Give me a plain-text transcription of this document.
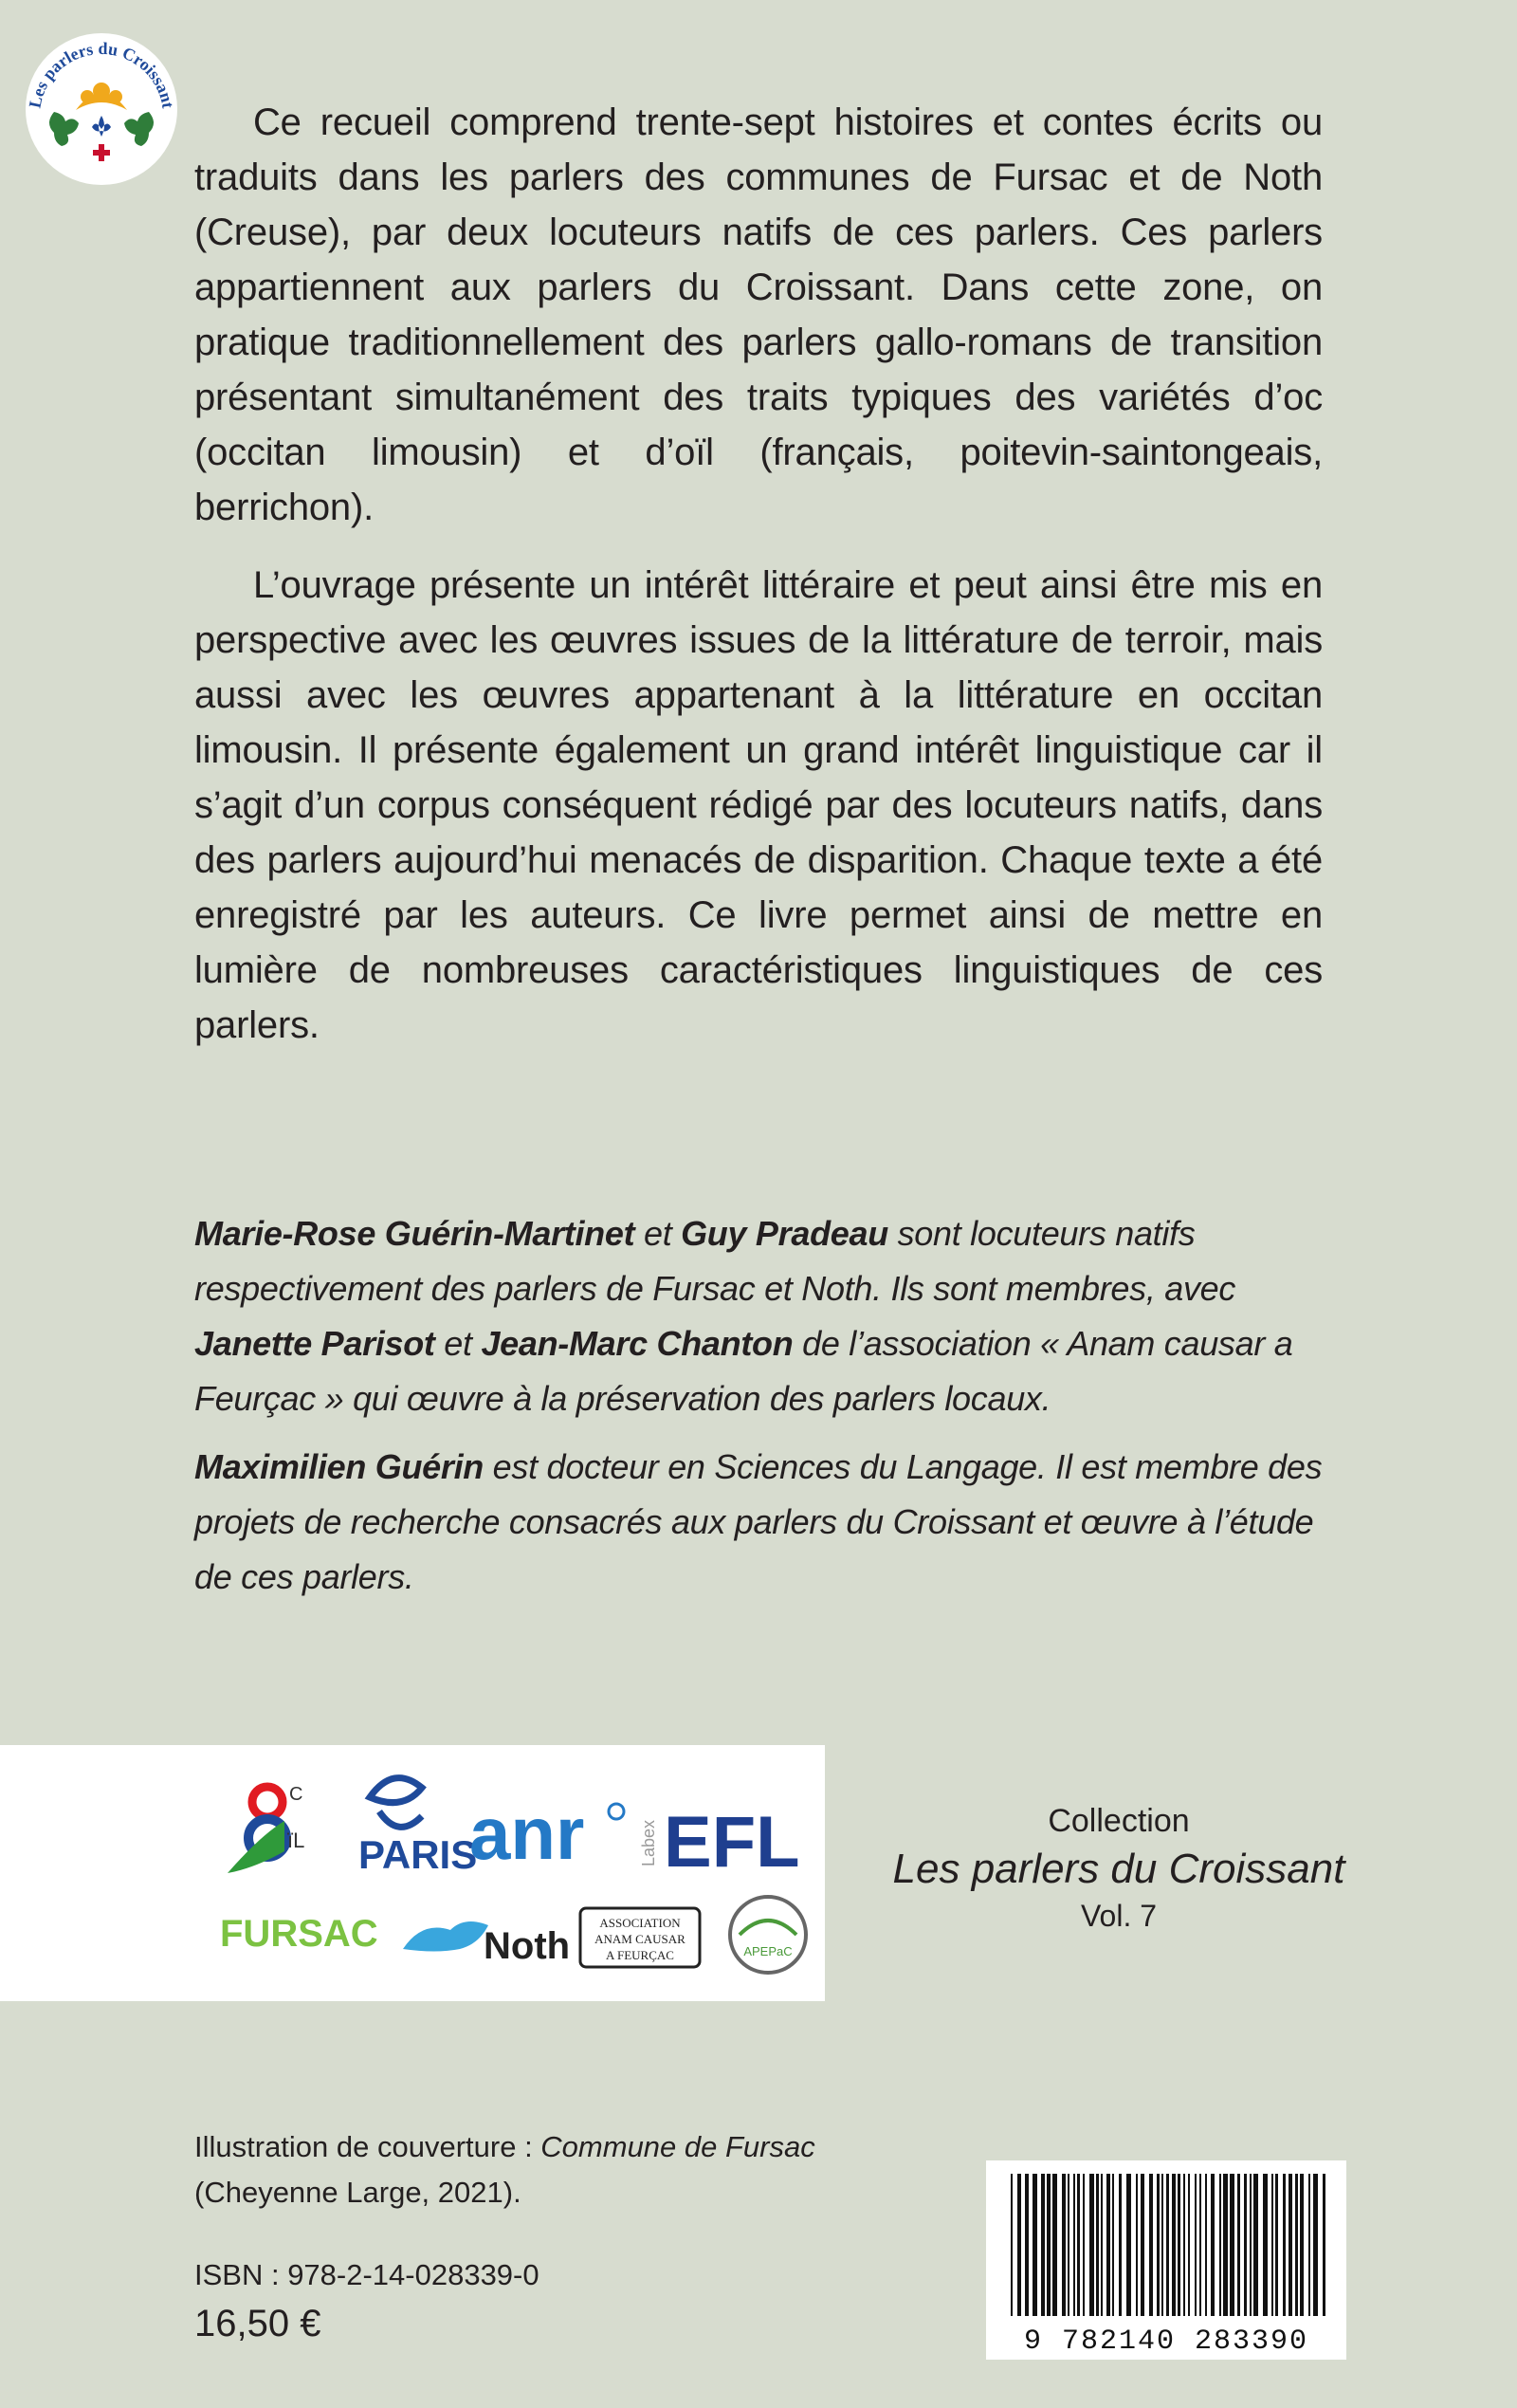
Les parlers du Croissant	Ce recueil comprend trente-sept histoires et contes écrits ou traduits dans les parlers des communes de Fursac et de Noth (Creuse), par deux locuteurs natifs de ces parlers. Ces parlers appartiennent aux parlers du Croissant. Dans cette zone, on pratique traditionnellement des parlers gallo-romans de transition présentant simultanément des traits typiques des variétés d’oc (occitan limousin) et d’oïl (français, poitevin-saintongeais, berrichon).

L’ouvrage présente un intérêt littéraire et peut ainsi être mis en perspective avec les œuvres issues de la littérature de terroir, mais aussi avec les œuvres appartenant à la littérature en occitan limousin. Il présente également un grand intérêt linguistique car il s’agit d’un corpus conséquent rédigé par des locuteurs natifs, dans des parlers aujourd’hui menacés de disparition. Chaque texte a été enregistré par les auteurs. Ce livre permet ainsi de mettre en lumière de nombreuses caractéristiques linguistiques de ces parlers.

Marie-Rose Guérin-Martinet et Guy Pradeau sont locuteurs natifs respectivement des parlers de Fursac et Noth. Ils sont membres, avec Janette Parisot et Jean-Marc Chanton de l’association « Anam causar a Feurçac » qui œuvre à la préservation des parlers locaux.

Maximilien Guérin est docteur en Sciences du Langage. Il est membre des projets de recherche consacrés aux parlers du Croissant et œuvre à l’étude de ces parlers.

C
ïL PARIS
anr	Labex EFL
FURSAC	Noth
ASSOCIATION
ANAM CAUSAR
A FEURÇAC	APEPaC
Collection
Les parlers du Croissant
Vol. 7
Illustration de couverture : Commune de Fursac
(Cheyenne Large, 2021).
ISBN : 978-2-14-028339-0
16,50 €	9 782140 283390
